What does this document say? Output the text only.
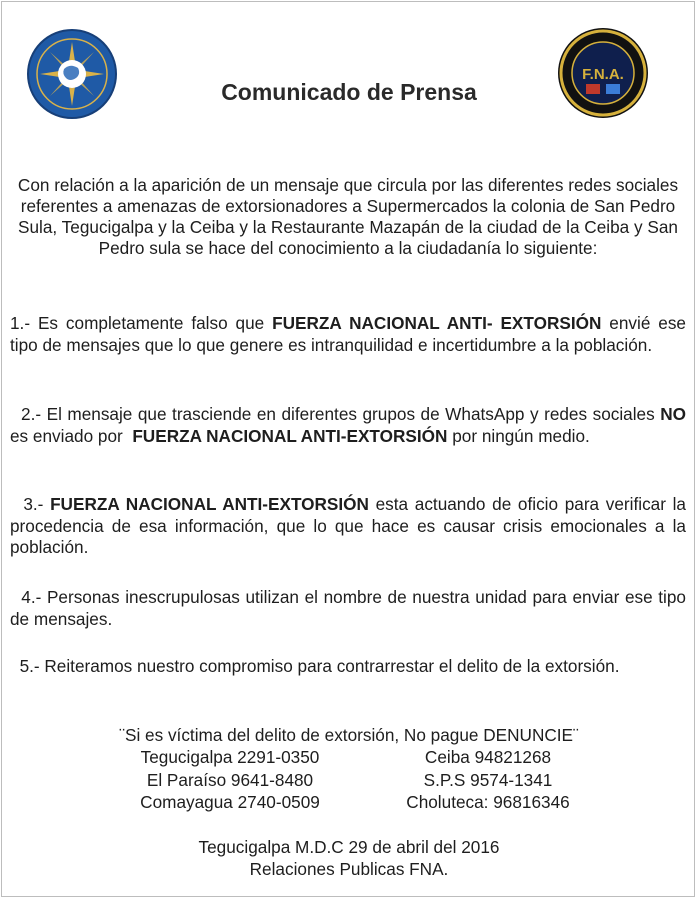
Comunicado de Prensa
F.N.A.

Con relación a la aparición de un mensaje que circula por las diferentes redes sociales referentes a amenazas de extorsionadores a Supermercados la colonia de San Pedro Sula, Tegucigalpa y la Ceiba y la Restaurante Mazapán de la ciudad de la Ceiba y San Pedro sula se hace del conocimiento a la ciudadanía lo siguiente:

1.- Es completamente falso que FUERZA NACIONAL ANTI- EXTORSIÓN envié ese tipo de mensajes que lo que genere es intranquilidad e incertidumbre a la población.

2.- El mensaje que trasciende en diferentes grupos de WhatsApp y redes sociales NO es enviado por  FUERZA NACIONAL ANTI-EXTORSIÓN por ningún medio.

3.- FUERZA NACIONAL ANTI-EXTORSIÓN esta actuando de oficio para verificar la procedencia de esa información, que lo que hace es causar crisis emocionales a la población.

4.- Personas inescrupulosas utilizan el nombre de nuestra unidad para enviar ese tipo de mensajes.

5.- Reiteramos nuestro compromiso para contrarrestar el delito de la extorsión.

¨Si es víctima del delito de extorsión, No pague DENUNCIE¨
Tegucigalpa 2291-0350	Ceiba 94821268
El Paraíso 9641-8480	S.P.S 9574-1341
Comayagua 2740-0509	Choluteca: 96816346
Tegucigalpa M.D.C 29 de abril del 2016
Relaciones Publicas FNA.
